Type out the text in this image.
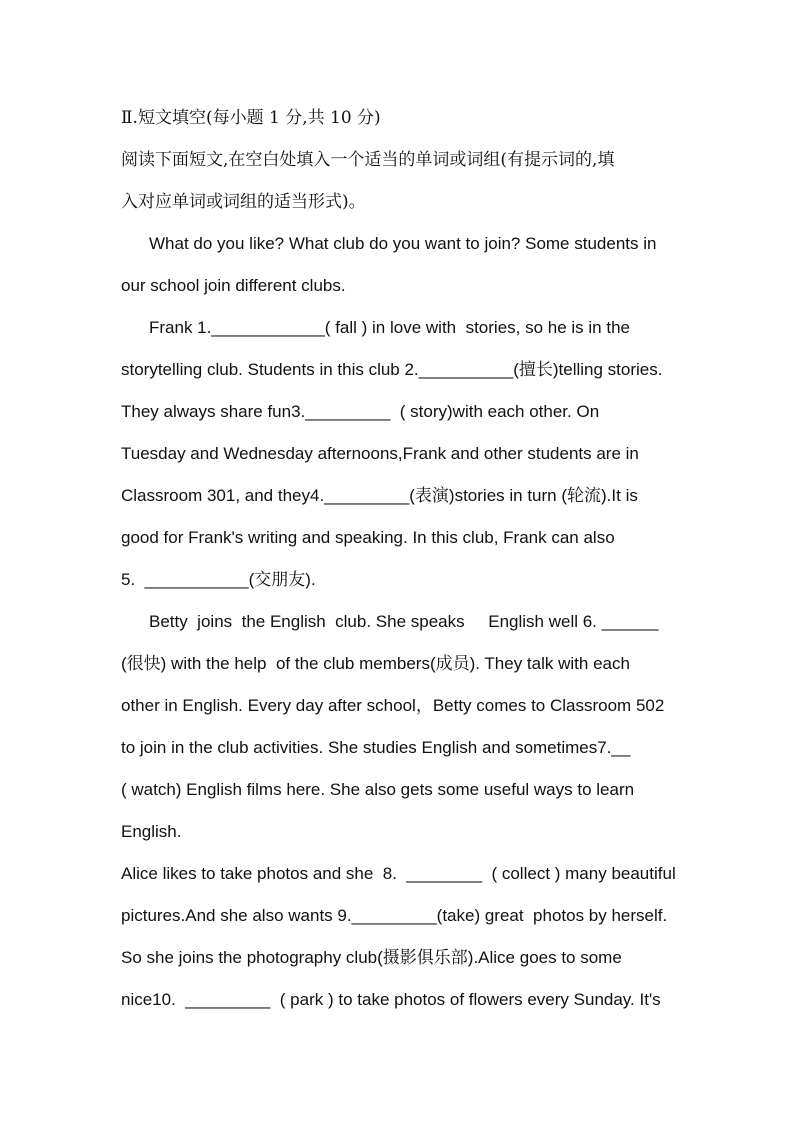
Ⅱ.短文填空(每小题 1 分,共 10 分)
阅读下面短文,在空白处填入一个适当的单词或词组(有提示词的,填
入对应单词或词组的适当形式)。
What do you like? What club do you want to join? Some students in
our school join different clubs.
Frank 1.____________( fall ) in love with  stories, so he is in the
storytelling club. Students in this club 2.__________(擅长)telling stories.
They always share fun3._________  ( story)with each other. On
Tuesday and Wednesday afternoons,Frank and other students are in
Classroom 301, and they4._________(表演)stories in turn (轮流).It is
good for Frank's writing and speaking. In this club, Frank can also
5.  ___________(交朋友).
Betty  joins  the English  club. She speaks     English well 6. ______
(很快) with the help  of the club members(成员). They talk with each
other in English. Every day after school，Betty comes to Classroom 502
to join in the club activities. She studies English and sometimes7.__
( watch) English films here. She also gets some useful ways to learn
English.
Alice likes to take photos and she  8.  ________  ( collect ) many beautiful
pictures.And she also wants 9._________(take) great  photos by herself.
So she joins the photography club(摄影俱乐部).Alice goes to some
nice10.  _________  ( park ) to take photos of flowers every Sunday. It's
